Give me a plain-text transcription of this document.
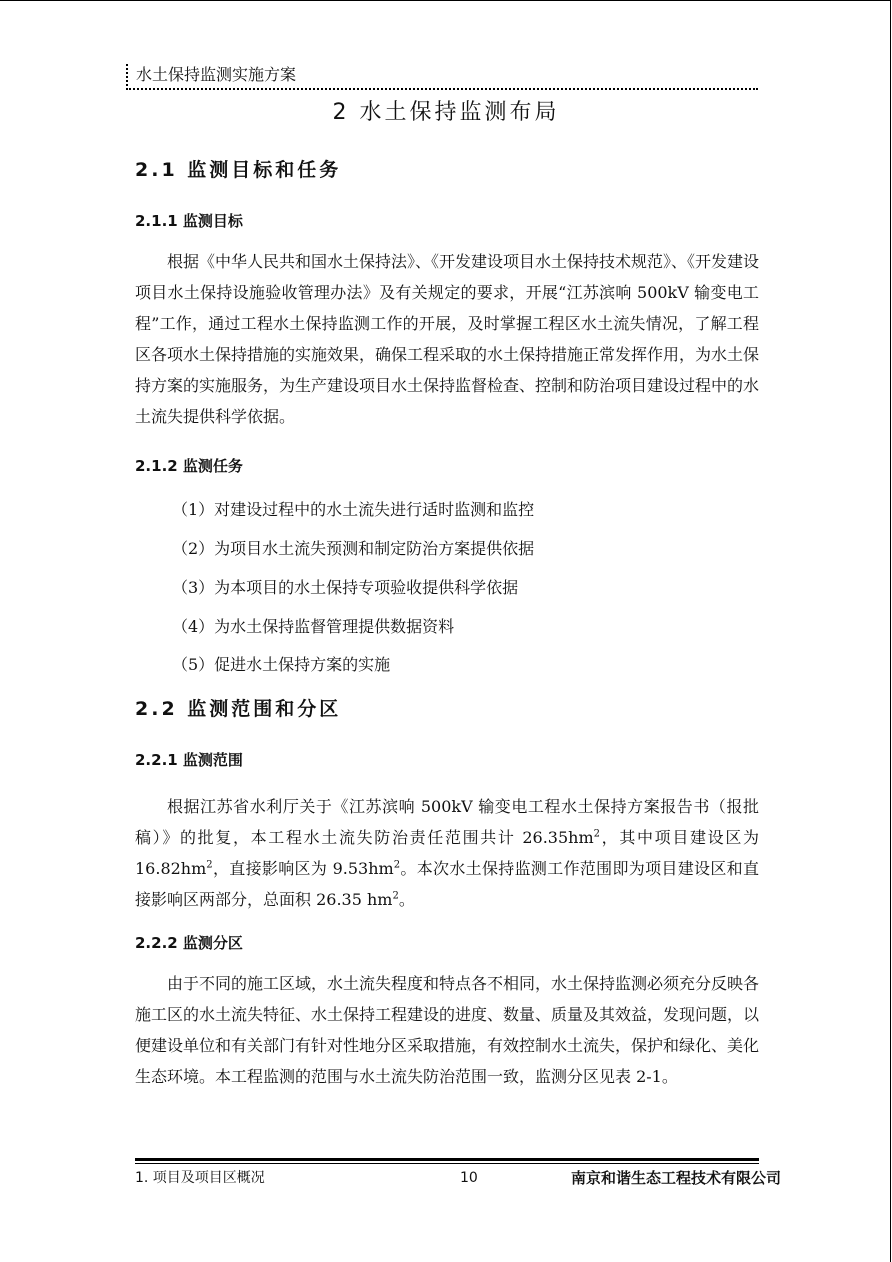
水土保持监测实施方案
2 水土保持监测布局
2.1 监测目标和任务
2.1.1 监测目标
根据《中华人民共和国水土保持法》、《开发建设项目水土保持技术规范》、《开发建设项目水土保持设施验收管理办法》及有关规定的要求，开展“江苏滨响 500kV 输变电工程”工作，通过工程水土保持监测工作的开展，及时掌握工程区水土流失情况，了解工程区各项水土保持措施的实施效果，确保工程采取的水土保持措施正常发挥作用，为水土保持方案的实施服务，为生产建设项目水土保持监督检查、控制和防治项目建设过程中的水土流失提供科学依据。
2.1.2 监测任务
（1）对建设过程中的水土流失进行适时监测和监控
（2）为项目水土流失预测和制定防治方案提供依据
（3）为本项目的水土保持专项验收提供科学依据
（4）为水土保持监督管理提供数据资料
（5）促进水土保持方案的实施
2.2 监测范围和分区
2.2.1 监测范围
根据江苏省水利厅关于《江苏滨响 500kV 输变电工程水土保持方案报告书（报批稿）》的批复，本工程水土流失防治责任范围共计 $26.35hm^2$，其中项目建设区为 $16.82hm^2$，直接影响区为 $9.53hm^2$。本次水土保持监测工作范围即为项目建设区和直接影响区两部分，总面积 26.35 $hm^2$。
2.2.2 监测分区
由于不同的施工区域，水土流失程度和特点各不相同，水土保持监测必须充分反映各施工区的水土流失特征、水土保持工程建设的进度、数量、质量及其效益，发现问题，以便建设单位和有关部门有针对性地分区采取措施，有效控制水土流失，保护和绿化、美化生态环境。本工程监测的范围与水土流失防治范围一致，监测分区见表 2-1。
1. 项目及项目区概况	10	南京和谐生态工程技术有限公司
